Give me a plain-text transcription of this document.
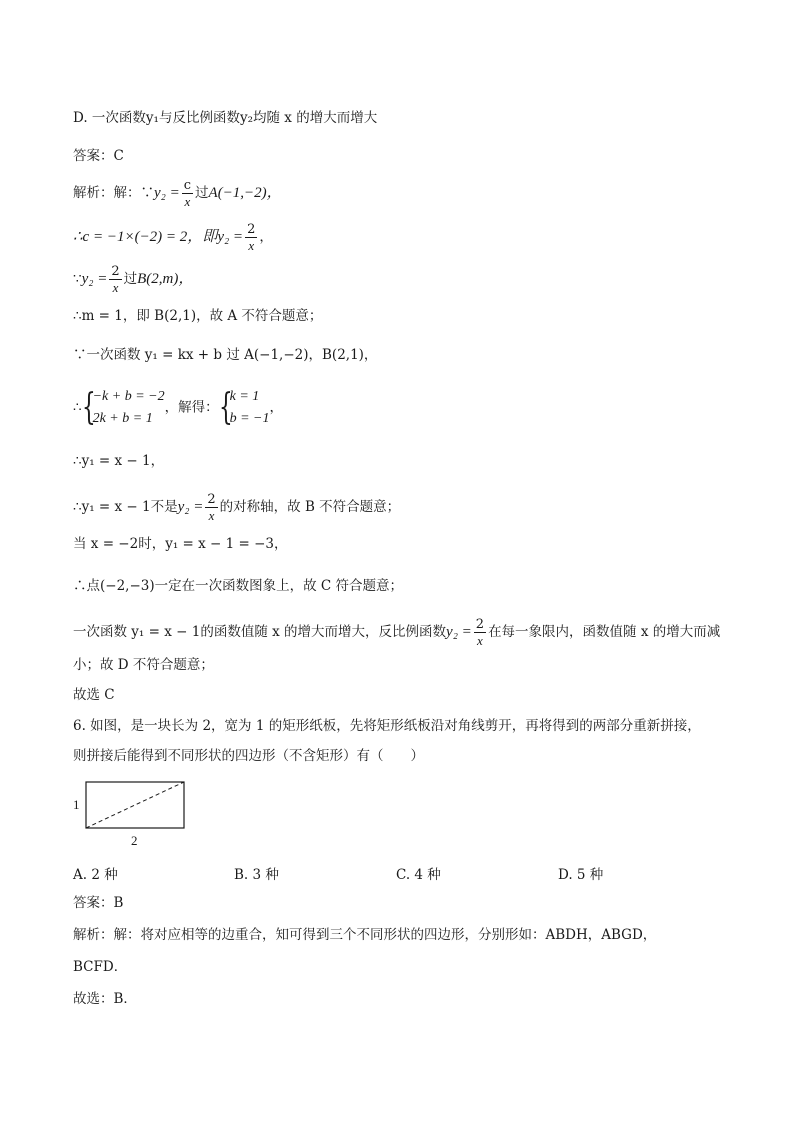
D. 一次函数y₁与反比例函数y₂均随 x 的增大而增大
答案：C
解析：解：∵y₂ = $\frac{c}{x}$ 过A(−1,−2)，
∴c = −1×(−2) = 2，即$y_2 = \frac{2}{x}$ ，
∵y₂ = $\frac{2}{x}$ 过B(2,m)，
∴m = 1，即 B(2,1)，故 A 不符合题意；
∵一次函数 y₁ = kx + b 过 A(−1,−2)，B(2,1)，
∴ {
−k + b = −2
2k + b = 1
，解得： {
k = 1
b = −1
，
∴y₁ = x − 1，
∴y₁ = x − 1不是$y_2 = \frac{2}{x}$ 的对称轴，故 B 不符合题意；
当 x = −2时，y₁ = x − 1 = −3，
∴点(−2,−3)一定在一次函数图象上，故 C 符合题意；
一次函数 y₁ = x − 1的函数值随 x 的增大而增大，反比例函数$y_2 = \frac{2}{x}$ 在每一象限内，函数值随 x 的增大而减
小；故 D 不符合题意；
故选 C
6. 如图，是一块长为 2，宽为 1 的矩形纸板，先将矩形纸板沿对角线剪开，再将得到的两部分重新拼接，
则拼接后能得到不同形状的四边形（不含矩形）有（　　）
1
2
A. 2 种	B. 3 种	C. 4 种	D. 5 种
答案：B
解析：解：将对应相等的边重合，知可得到三个不同形状的四边形，分别形如：ABDH，ABGD，
BCFD．
故选：B．
